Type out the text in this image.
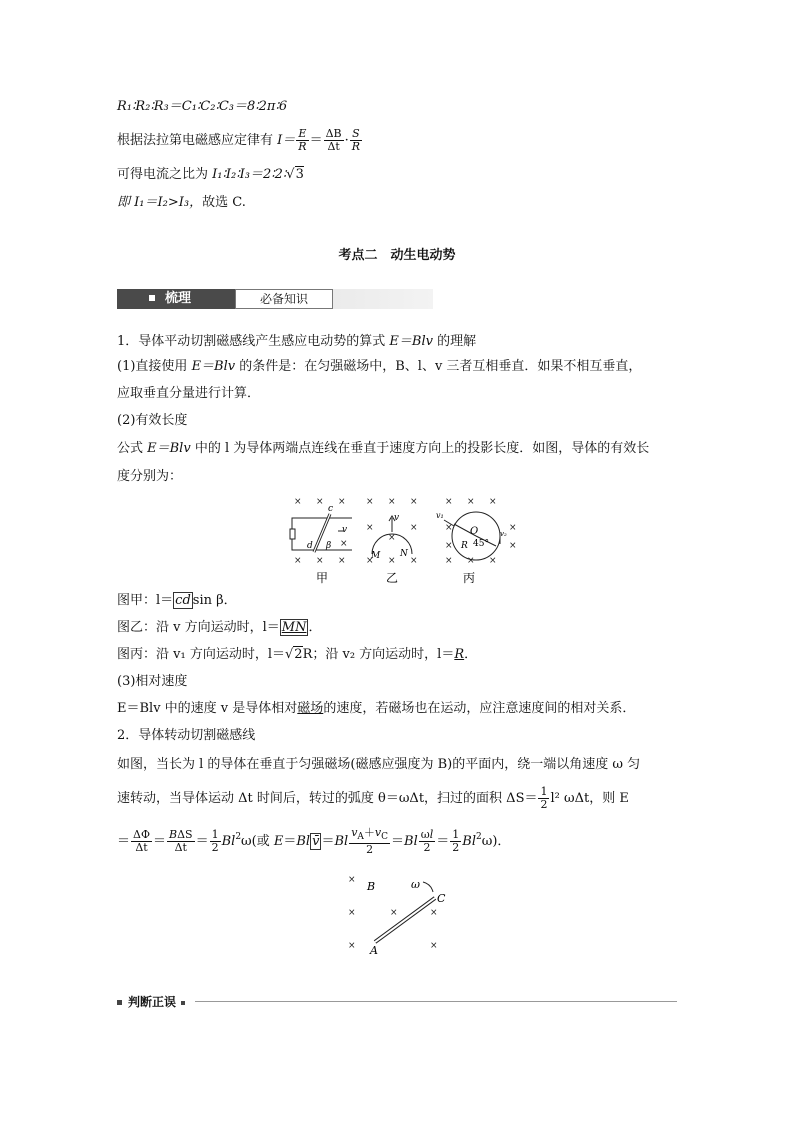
R₁∶R₂∶R₃＝C₁∶C₂∶C₃＝8∶2π∶6
根据法拉第电磁感应定律有 $I= \frac{E}{R} = \frac{\Delta B}{\Delta t} \cdot \frac{S}{R}$
可得电流之比为 I₁∶I₂∶I₃＝2∶2∶√3
即 I₁＝I₂>I₃，故选 C.
考点二　动生电动势
梳理	必备知识
1．导体平动切割磁感线产生感应电动势的算式 E＝Blv 的理解
(1)直接使用 E＝Blv 的条件是：在匀强磁场中，B、l、v 三者互相垂直．如果不相互垂直，
应取垂直分量进行计算．
(2)有效长度
公式 E＝Blv 中的 l 为导体两端点连线在垂直于速度方向上的投影长度．如图，导体的有效长
度分别为：
× × ×
× × ×
×
× × ×
×	×
×
× × ×
× × ×
×	×
×	×
× × ×
c
d β
v
v
M N
v₁
O
R 45°
v₂
甲	乙	丙
图甲：l＝ cd sin β．
图乙：沿 v 方向运动时，l＝ MN ．
图丙：沿 v₁ 方向运动时，l＝√2R；沿 v₂ 方向运动时，l＝R．
(3)相对速度
E＝Blv 中的速度 v 是导体相对磁场的速度，若磁场也在运动，应注意速度间的相对关系．
2．导体转动切割磁感线
如图，当长为 l 的导体在垂直于匀强磁场(磁感应强度为 B)的平面内，绕一端以角速度 ω 匀
速转动，当导体运动 Δt 时间后，转过的弧度 θ＝ωΔt，扫过的面积 $\Delta S= \frac{1}{2} l^2$ ωΔt，则 E
＝ $\frac{\Delta\Phi}{\Delta t} = \frac{\text{BΔS}}{\Delta t} = \frac{1}{2} Bl^2\omega$(或 E＝Bl v̄ $=Bl \frac{v_A+v_C}{2} =Bl \frac{\omega l}{2} = \frac{1}{2} Bl^2\omega$)．
×
×
×
×	×
×
B
C
A
ω
判断正误
